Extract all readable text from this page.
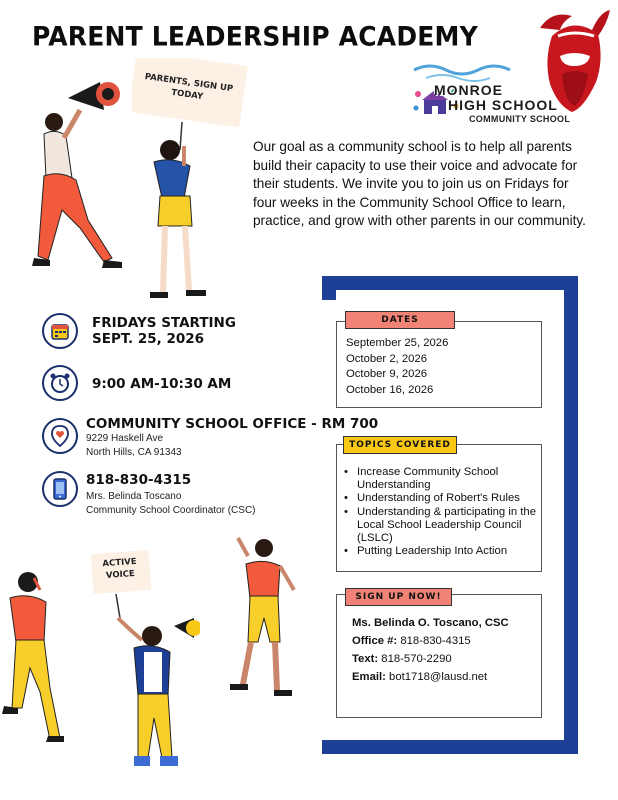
PARENT LEADERSHIP ACADEMY
MONROE
HIGH SCHOOL
COMMUNITY SCHOOL
PARENTS, SIGN UP TODAY
Our goal as a community school is to help all parents build their capacity to use their voice and advocate for their students. We invite you to join us on Fridays for four weeks in the Community School Office to learn, practice, and grow with other parents in our community.
FRIDAYS STARTING
SEPT. 25, 2026
9:00 AM-10:30 AM
COMMUNITY SCHOOL OFFICE - RM 700
9229 Haskell Ave
North Hills, CA 91343
818-830-4315
Mrs. Belinda Toscano
Community School Coordinator (CSC)
DATES
September 25, 2026
October 2, 2026
October 9, 2026
October 16, 2026
TOPICS COVERED
• Increase Community School Understanding
• Understanding of Robert's Rules
• Understanding & participating in the Local School Leadership Council (LSLC)
• Putting Leadership Into Action
SIGN UP NOW!
Ms. Belinda O. Toscano, CSC
Office #: 818-830-4315
Text: 818-570-2290
Email: bot1718@lausd.net
ACTIVE VOICE
